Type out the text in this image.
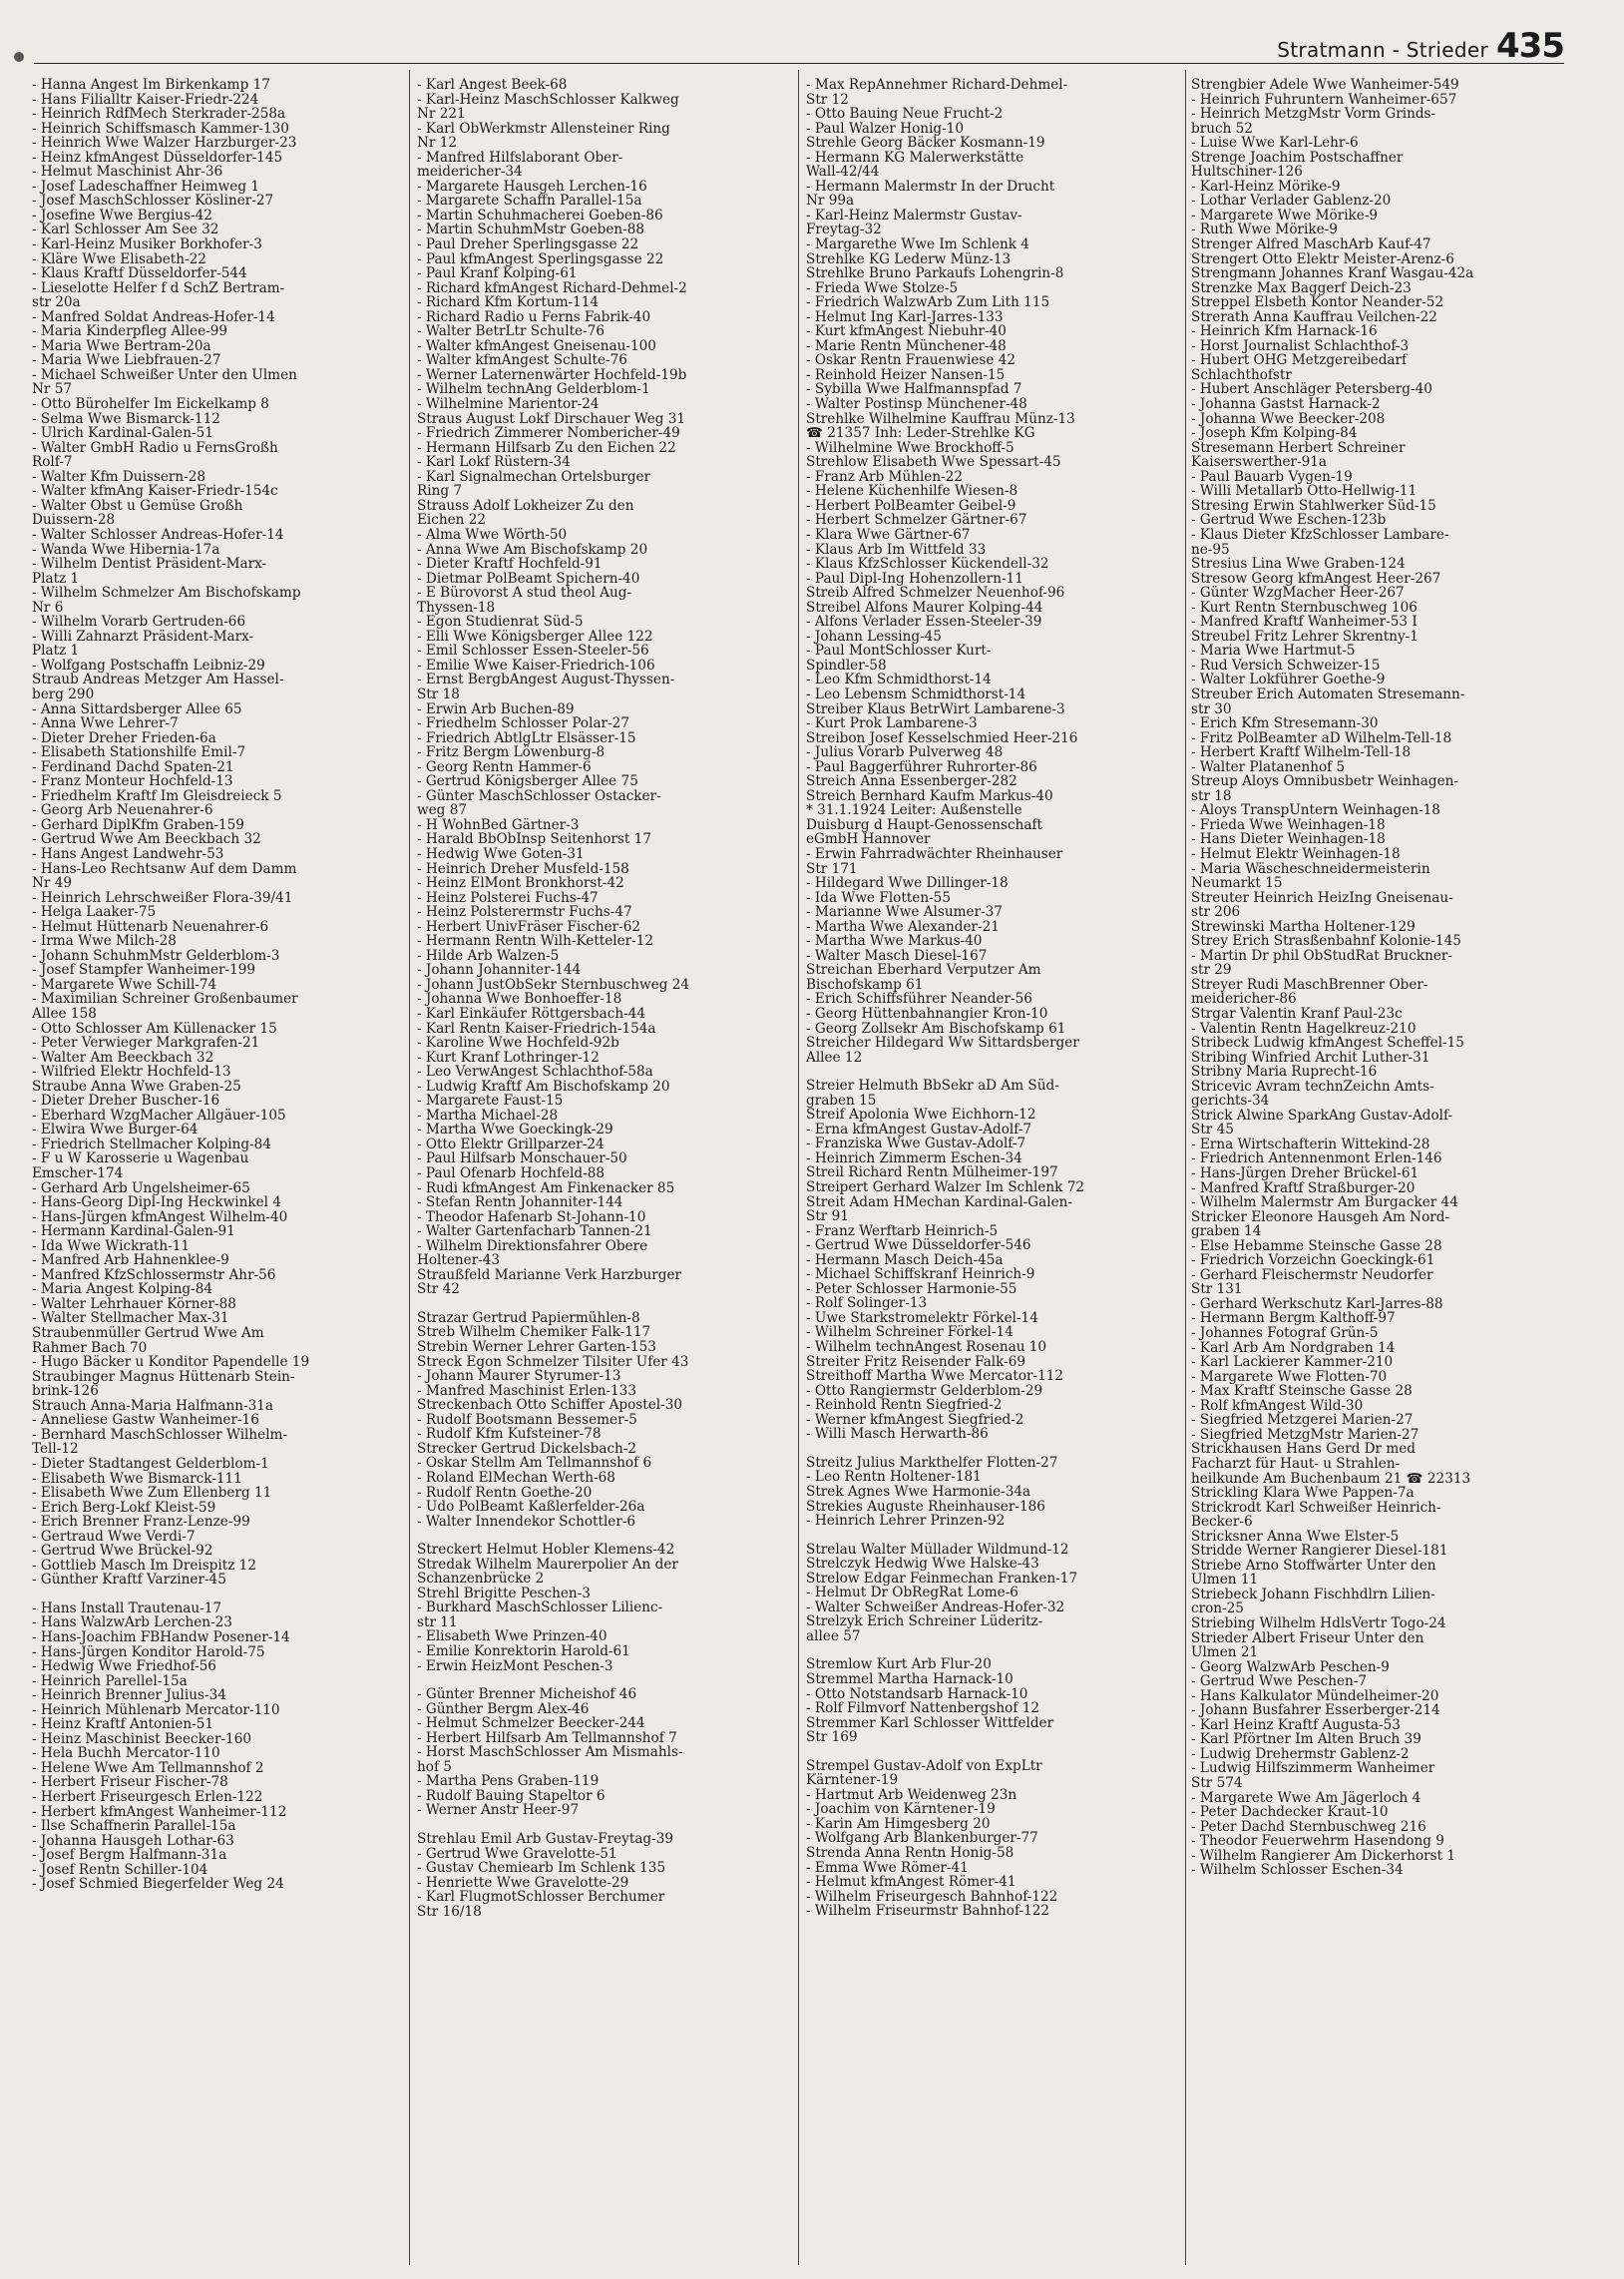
Stratmann - Strieder 435
- Hanna Angest Im Birkenkamp 17
- Hans Filialltr Kaiser-Friedr-224
- Heinrich RdfMech Sterkrader-258a
- Heinrich Schiffsmasch Kammer-130
- Heinrich Wwe Walzer Harzburger-23
- Heinz kfmAngest Düsseldorfer-145
- Helmut Maschinist Ahr-36
- Josef Ladeschaffner Heimweg 1
- Josef MaschSchlosser Kösliner-27
- Josefine Wwe Bergius-42
- Karl Schlosser Am See 32
- Karl-Heinz Musiker Borkhofer-3
- Kläre Wwe Elisabeth-22
- Klaus Kraftf Düsseldorfer-544
- Lieselotte Helfer f d SchZ Bertram-
str 20a
- Manfred Soldat Andreas-Hofer-14
- Maria Kinderpfleg Allee-99
- Maria Wwe Bertram-20a
- Maria Wwe Liebfrauen-27
- Michael Schweißer Unter den Ulmen
Nr 57
- Otto Bürohelfer Im Eickelkamp 8
- Selma Wwe Bismarck-112
- Ulrich Kardinal-Galen-51
- Walter GmbH Radio u FernsGroßh
Rolf-7
- Walter Kfm Duissern-28
- Walter kfmAng Kaiser-Friedr-154c
- Walter Obst u Gemüse Großh
Duissern-28
- Walter Schlosser Andreas-Hofer-14
- Wanda Wwe Hibernia-17a
- Wilhelm Dentist Präsident-Marx-
Platz 1
- Wilhelm Schmelzer Am Bischofskamp
Nr 6
- Wilhelm Vorarb Gertruden-66
- Willi Zahnarzt Präsident-Marx-
Platz 1
- Wolfgang Postschaffn Leibniz-29
Straub Andreas Metzger Am Hassel-
berg 290
- Anna Sittardsberger Allee 65
- Anna Wwe Lehrer-7
- Dieter Dreher Frieden-6a
- Elisabeth Stationshilfe Emil-7
- Ferdinand Dachd Spaten-21
- Franz Monteur Hochfeld-13
- Friedhelm Kraftf Im Gleisdreieck 5
- Georg Arb Neuenahrer-6
- Gerhard DiplKfm Graben-159
- Gertrud Wwe Am Beeckbach 32
- Hans Angest Landwehr-53
- Hans-Leo Rechtsanw Auf dem Damm
Nr 49
- Heinrich Lehrschweißer Flora-39/41
- Helga Laaker-75
- Helmut Hüttenarb Neuenahrer-6
- Irma Wwe Milch-28
- Johann SchuhmMstr Gelderblom-3
- Josef Stampfer Wanheimer-199
- Margarete Wwe Schill-74
- Maximilian Schreiner Großenbaumer
Allee 158
- Otto Schlosser Am Küllenacker 15
- Peter Verwieger Markgrafen-21
- Walter Am Beeckbach 32
- Wilfried Elektr Hochfeld-13
Straube Anna Wwe Graben-25
- Dieter Dreher Buscher-16
- Eberhard WzgMacher Allgäuer-105
- Elwira Wwe Burger-64
- Friedrich Stellmacher Kolping-84
- F u W Karosserie u Wagenbau
Emscher-174
- Gerhard Arb Ungelsheimer-65
- Hans-Georg Dipl-Ing Heckwinkel 4
- Hans-Jürgen kfmAngest Wilhelm-40
- Hermann Kardinal-Galen-91
- Ida Wwe Wickrath-11
- Manfred Arb Hahnenklee-9
- Manfred KfzSchlossermstr Ahr-56
- Maria Angest Kolping-84
- Walter Lehrhauer Körner-88
- Walter Stellmacher Max-31
Straubenmüller Gertrud Wwe Am
Rahmer Bach 70
- Hugo Bäcker u Konditor Papendelle 19
Straubinger Magnus Hüttenarb Stein-
brink-126
Strauch Anna-Maria Halfmann-31a
- Anneliese Gastw Wanheimer-16
- Bernhard MaschSchlosser Wilhelm-
Tell-12
- Dieter Stadtangest Gelderblom-1
- Elisabeth Wwe Bismarck-111
- Elisabeth Wwe Zum Ellenberg 11
- Erich Berg-Lokf Kleist-59
- Erich Brenner Franz-Lenze-99
- Gertraud Wwe Verdi-7
- Gertrud Wwe Brückel-92
- Gottlieb Masch Im Dreispitz 12
- Günther Kraftf Varziner-45
- Hans Install Trautenau-17
- Hans WalzwArb Lerchen-23
- Hans-Joachim FBHandw Posener-14
- Hans-Jürgen Konditor Harold-75
- Hedwig Wwe Friedhof-56
- Heinrich Parellel-15a
- Heinrich Brenner Julius-34
- Heinrich Mühlenarb Mercator-110
- Heinz Kraftf Antonien-51
- Heinz Maschinist Beecker-160
- Hela Buchh Mercator-110
- Helene Wwe Am Tellmannshof 2
- Herbert Friseur Fischer-78
- Herbert Friseurgesch Erlen-122
- Herbert kfmAngest Wanheimer-112
- Ilse Schaffnerin Parallel-15a
- Johanna Hausgeh Lothar-63
- Josef Bergm Halfmann-31a
- Josef Rentn Schiller-104
- Josef Schmied Biegerfelder Weg 24
- Karl Angest Beek-68
- Karl-Heinz MaschSchlosser Kalkweg
Nr 221
- Karl ObWerkmstr Allensteiner Ring
Nr 12
- Manfred Hilfslaborant Ober-
meidericher-34
- Margarete Hausgeh Lerchen-16
- Margarete Schaffn Parallel-15a
- Martin Schuhmacherei Goeben-86
- Martin SchuhmMstr Goeben-88
- Paul Dreher Sperlingsgasse 22
- Paul kfmAngest Sperlingsgasse 22
- Paul Kranf Kolping-61
- Richard kfmAngest Richard-Dehmel-2
- Richard Kfm Kortum-114
- Richard Radio u Ferns Fabrik-40
- Walter BetrLtr Schulte-76
- Walter kfmAngest Gneisenau-100
- Walter kfmAngest Schulte-76
- Werner Laternenwärter Hochfeld-19b
- Wilhelm technAng Gelderblom-1
- Wilhelmine Marientor-24
Straus August Lokf Dirschauer Weg 31
- Friedrich Zimmerer Nombericher-49
- Hermann Hilfsarb Zu den Eichen 22
- Karl Lokf Rüstern-34
- Karl Signalmechan Ortelsburger
Ring 7
Strauss Adolf Lokheizer Zu den
Eichen 22
- Alma Wwe Wörth-50
- Anna Wwe Am Bischofskamp 20
- Dieter Kraftf Hochfeld-91
- Dietmar PolBeamt Spichern-40
- E Bürovorst A stud theol Aug-
Thyssen-18
- Egon Studienrat Süd-5
- Elli Wwe Königsberger Allee 122
- Emil Schlosser Essen-Steeler-56
- Emilie Wwe Kaiser-Friedrich-106
- Ernst BergbAngest August-Thyssen-
Str 18
- Erwin Arb Buchen-89
- Friedhelm Schlosser Polar-27
- Friedrich AbtlgLtr Elsässer-15
- Fritz Bergm Löwenburg-8
- Georg Rentn Hammer-6
- Gertrud Königsberger Allee 75
- Günter MaschSchlosser Ostacker-
weg 87
- H WohnBed Gärtner-3
- Harald BbObInsp Seitenhorst 17
- Hedwig Wwe Goten-31
- Heinrich Dreher Musfeld-158
- Heinz ElMont Bronkhorst-42
- Heinz Polsterei Fuchs-47
- Heinz Polsterermstr Fuchs-47
- Herbert UnivFräser Fischer-62
- Hermann Rentn Wilh-Ketteler-12
- Hilde Arb Walzen-5
- Johann Johanniter-144
- Johann JustObSekr Sternbuschweg 24
- Johanna Wwe Bonhoeffer-18
- Karl Einkäufer Röttgersbach-44
- Karl Rentn Kaiser-Friedrich-154a
- Karoline Wwe Hochfeld-92b
- Kurt Kranf Lothringer-12
- Leo VerwAngest Schlachthof-58a
- Ludwig Kraftf Am Bischofskamp 20
- Margarete Faust-15
- Martha Michael-28
- Martha Wwe Goeckingk-29
- Otto Elektr Grillparzer-24
- Paul Hilfsarb Monschauer-50
- Paul Ofenarb Hochfeld-88
- Rudi kfmAngest Am Finkenacker 85
- Stefan Rentn Johanniter-144
- Theodor Hafenarb St-Johann-10
- Walter Gartenfacharb Tannen-21
- Wilhelm Direktionsfahrer Obere
Holtener-43
Straußfeld Marianne Verk Harzburger
Str 42
Strazar Gertrud Papiermühlen-8
Streb Wilhelm Chemiker Falk-117
Strebin Werner Lehrer Garten-153
Streck Egon Schmelzer Tilsiter Ufer 43
- Johann Maurer Styrumer-13
- Manfred Maschinist Erlen-133
Streckenbach Otto Schiffer Apostel-30
- Rudolf Bootsmann Bessemer-5
- Rudolf Kfm Kufsteiner-78
Strecker Gertrud Dickelsbach-2
- Oskar Stellm Am Tellmannshof 6
- Roland ElMechan Werth-68
- Rudolf Rentn Goethe-20
- Udo PolBeamt Kaßlerfelder-26a
- Walter Innendekor Schottler-6
Streckert Helmut Hobler Klemens-42
Stredak Wilhelm Maurerpolier An der
Schanzenbrücke 2
Strehl Brigitte Peschen-3
- Burkhard MaschSchlosser Lilienc-
str 11
- Elisabeth Wwe Prinzen-40
- Emilie Konrektorin Harold-61
- Erwin HeizMont Peschen-3
- Günter Brenner Micheishof 46
- Günther Bergm Alex-46
- Helmut Schmelzer Beecker-244
- Herbert Hilfsarb Am Tellmannshof 7
- Horst MaschSchlosser Am Mismahls-
hof 5
- Martha Pens Graben-119
- Rudolf Bauing Stapeltor 6
- Werner Anstr Heer-97
Strehlau Emil Arb Gustav-Freytag-39
- Gertrud Wwe Gravelotte-51
- Gustav Chemiearb Im Schlenk 135
- Henriette Wwe Gravelotte-29
- Karl FlugmotSchlosser Berchumer
Str 16/18
- Max RepAnnehmer Richard-Dehmel-
Str 12
- Otto Bauing Neue Frucht-2
- Paul Walzer Honig-10
Strehle Georg Bäcker Kosmann-19
- Hermann KG Malerwerkstätte
Wall-42/44
- Hermann Malermstr In der Drucht
Nr 99a
- Karl-Heinz Malermstr Gustav-
Freytag-32
- Margarethe Wwe Im Schlenk 4
Strehlke KG Lederw Münz-13
Strehlke Bruno Parkaufs Lohengrin-8
- Frieda Wwe Stolze-5
- Friedrich WalzwArb Zum Lith 115
- Helmut Ing Karl-Jarres-133
- Kurt kfmAngest Niebuhr-40
- Marie Rentn Münchener-48
- Oskar Rentn Frauenwiese 42
- Reinhold Heizer Nansen-15
- Sybilla Wwe Halfmannspfad 7
- Walter Postinsp Münchener-48
Strehlke Wilhelmine Kauffrau Münz-13
☎ 21357 Inh: Leder-Strehlke KG
- Wilhelmine Wwe Brockhoff-5
Strehlow Elisabeth Wwe Spessart-45
- Franz Arb Mühlen-22
- Helene Küchenhilfe Wiesen-8
- Herbert PolBeamter Geibel-9
- Herbert Schmelzer Gärtner-67
- Klara Wwe Gärtner-67
- Klaus Arb Im Wittfeld 33
- Klaus KfzSchlosser Kückendell-32
- Paul Dipl-Ing Hohenzollern-11
Streib Alfred Schmelzer Neuenhof-96
Streibel Alfons Maurer Kolping-44
- Alfons Verlader Essen-Steeler-39
- Johann Lessing-45
- Paul MontSchlosser Kurt-
Spindler-58
- Leo Kfm Schmidthorst-14
- Leo Lebensm Schmidthorst-14
Streiber Klaus BetrWirt Lambarene-3
- Kurt Prok Lambarene-3
Streibon Josef Kesselschmied Heer-216
- Julius Vorarb Pulverweg 48
- Paul Baggerführer Ruhrorter-86
Streich Anna Essenberger-282
Streich Bernhard Kaufm Markus-40
* 31.1.1924 Leiter: Außenstelle
Duisburg d Haupt-Genossenschaft
eGmbH Hannover
- Erwin Fahrradwächter Rheinhauser
Str 171
- Hildegard Wwe Dillinger-18
- Ida Wwe Flotten-55
- Marianne Wwe Alsumer-37
- Martha Wwe Alexander-21
- Martha Wwe Markus-40
- Walter Masch Diesel-167
Streichan Eberhard Verputzer Am
Bischofskamp 61
- Erich Schiffsführer Neander-56
- Georg Hüttenbahnangier Kron-10
- Georg Zollsekr Am Bischofskamp 61
Streicher Hildegard Ww Sittardsberger
Allee 12
Streier Helmuth BbSekr aD Am Süd-
graben 15
Streif Apolonia Wwe Eichhorn-12
- Erna kfmAngest Gustav-Adolf-7
- Franziska Wwe Gustav-Adolf-7
- Heinrich Zimmerm Eschen-34
Streil Richard Rentn Mülheimer-197
Streipert Gerhard Walzer Im Schlenk 72
Streit Adam HMechan Kardinal-Galen-
Str 91
- Franz Werftarb Heinrich-5
- Gertrud Wwe Düsseldorfer-546
- Hermann Masch Deich-45a
- Michael Schiffskranf Heinrich-9
- Peter Schlosser Harmonie-55
- Rolf Solinger-13
- Uwe Starkstromelektr Förkel-14
- Wilhelm Schreiner Förkel-14
- Wilhelm technAngest Rosenau 10
Streiter Fritz Reisender Falk-69
Streithoff Martha Wwe Mercator-112
- Otto Rangiermstr Gelderblom-29
- Reinhold Rentn Siegfried-2
- Werner kfmAngest Siegfried-2
- Willi Masch Herwarth-86
Streitz Julius Markthelfer Flotten-27
- Leo Rentn Holtener-181
Strek Agnes Wwe Harmonie-34a
Strekies Auguste Rheinhauser-186
- Heinrich Lehrer Prinzen-92
Strelau Walter Müllader Wildmund-12
Strelczyk Hedwig Wwe Halske-43
Strelow Edgar Feinmechan Franken-17
- Helmut Dr ObRegRat Lome-6
- Walter Schweißer Andreas-Hofer-32
Strelzyk Erich Schreiner Lüderitz-
allee 57
Stremlow Kurt Arb Flur-20
Stremmel Martha Harnack-10
- Otto Notstandsarb Harnack-10
- Rolf Filmvorf Nattenbergshof 12
Stremmer Karl Schlosser Wittfelder
Str 169
Strempel Gustav-Adolf von ExpLtr
Kärntener-19
- Hartmut Arb Weidenweg 23n
- Joachim von Kärntener-19
- Karin Am Himgesberg 20
- Wolfgang Arb Blankenburger-77
Strenda Anna Rentn Honig-58
- Emma Wwe Römer-41
- Helmut kfmAngest Römer-41
- Wilhelm Friseurgesch Bahnhof-122
- Wilhelm Friseurmstr Bahnhof-122
Strengbier Adele Wwe Wanheimer-549
- Heinrich Fuhruntern Wanheimer-657
- Heinrich MetzgMstr Vorm Grinds-
bruch 52
- Luise Wwe Karl-Lehr-6
Strenge Joachim Postschaffner
Hultschiner-126
- Karl-Heinz Mörike-9
- Lothar Verlader Gablenz-20
- Margarete Wwe Mörike-9
- Ruth Wwe Mörike-9
Strenger Alfred MaschArb Kauf-47
Strengert Otto Elektr Meister-Arenz-6
Strengmann Johannes Kranf Wasgau-42a
Strenzke Max Baggerf Deich-23
Streppel Elsbeth Kontor Neander-52
Strerath Anna Kauffrau Veilchen-22
- Heinrich Kfm Harnack-16
- Horst Journalist Schlachthof-3
- Hubert OHG Metzgereibedarf
Schlachthofstr
- Hubert Anschläger Petersberg-40
- Johanna Gastst Harnack-2
- Johanna Wwe Beecker-208
- Joseph Kfm Kolping-84
Stresemann Herbert Schreiner
Kaiserswerther-91a
- Paul Bauarb Vygen-19
- Willi Metallarb Otto-Hellwig-11
Stresing Erwin Stahlwerker Süd-15
- Gertrud Wwe Eschen-123b
- Klaus Dieter KfzSchlosser Lambare-
ne-95
Stresius Lina Wwe Graben-124
Stresow Georg kfmAngest Heer-267
- Günter WzgMacher Heer-267
- Kurt Rentn Sternbuschweg 106
- Manfred Kraftf Wanheimer-53 I
Streubel Fritz Lehrer Skrentny-1
- Maria Wwe Hartmut-5
- Rud Versich Schweizer-15
- Walter Lokführer Goethe-9
Streuber Erich Automaten Stresemann-
str 30
- Erich Kfm Stresemann-30
- Fritz PolBeamter aD Wilhelm-Tell-18
- Herbert Kraftf Wilhelm-Tell-18
- Walter Platanenhof 5
Streup Aloys Omnibusbetr Weinhagen-
str 18
- Aloys TranspUntern Weinhagen-18
- Frieda Wwe Weinhagen-18
- Hans Dieter Weinhagen-18
- Helmut Elektr Weinhagen-18
- Maria Wäscheschneidermeisterin
Neumarkt 15
Streuter Heinrich HeizIng Gneisenau-
str 206
Strewinski Martha Holtener-129
Strey Erich Strasßenbahnf Kolonie-145
- Martin Dr phil ObStudRat Bruckner-
str 29
Streyer Rudi MaschBrenner Ober-
meidericher-86
Strgar Valentin Kranf Paul-23c
- Valentin Rentn Hagelkreuz-210
Stribeck Ludwig kfmAngest Scheffel-15
Stribing Winfried Archit Luther-31
Stribny Maria Ruprecht-16
Stricevic Avram technZeichn Amts-
gerichts-34
Strick Alwine SparkAng Gustav-Adolf-
Str 45
- Erna Wirtschafterin Wittekind-28
- Friedrich Antennenmont Erlen-146
- Hans-Jürgen Dreher Brückel-61
- Manfred Kraftf Straßburger-20
- Wilhelm Malermstr Am Burgacker 44
Stricker Eleonore Hausgeh Am Nord-
graben 14
- Else Hebamme Steinsche Gasse 28
- Friedrich Vorzeichn Goeckingk-61
- Gerhard Fleischermstr Neudorfer
Str 131
- Gerhard Werkschutz Karl-Jarres-88
- Hermann Bergm Kalthoff-97
- Johannes Fotograf Grün-5
- Karl Arb Am Nordgraben 14
- Karl Lackierer Kammer-210
- Margarete Wwe Flotten-70
- Max Kraftf Steinsche Gasse 28
- Rolf kfmAngest Wild-30
- Siegfried Metzgerei Marien-27
- Siegfried MetzgMstr Marien-27
Strickhausen Hans Gerd Dr med
Facharzt für Haut- u Strahlen-
heilkunde Am Buchenbaum 21 ☎ 22313
Strickling Klara Wwe Pappen-7a
Strickrodt Karl Schweißer Heinrich-
Becker-6
Stricksner Anna Wwe Elster-5
Stridde Werner Rangierer Diesel-181
Striebe Arno Stoffwärter Unter den
Ulmen 11
Striebeck Johann Fischhdlrn Lilien-
cron-25
Striebing Wilhelm HdlsVertr Togo-24
Strieder Albert Friseur Unter den
Ulmen 21
- Georg WalzwArb Peschen-9
- Gertrud Wwe Peschen-7
- Hans Kalkulator Mündelheimer-20
- Johann Busfahrer Esserberger-214
- Karl Heinz Kraftf Augusta-53
- Karl Pförtner Im Alten Bruch 39
- Ludwig Drehermstr Gablenz-2
- Ludwig Hilfszimmerm Wanheimer
Str 574
- Margarete Wwe Am Jägerloch 4
- Peter Dachdecker Kraut-10
- Peter Dachd Sternbuschweg 216
- Theodor Feuerwehrm Hasendong 9
- Wilhelm Rangierer Am Dickerhorst 1
- Wilhelm Schlosser Eschen-34
